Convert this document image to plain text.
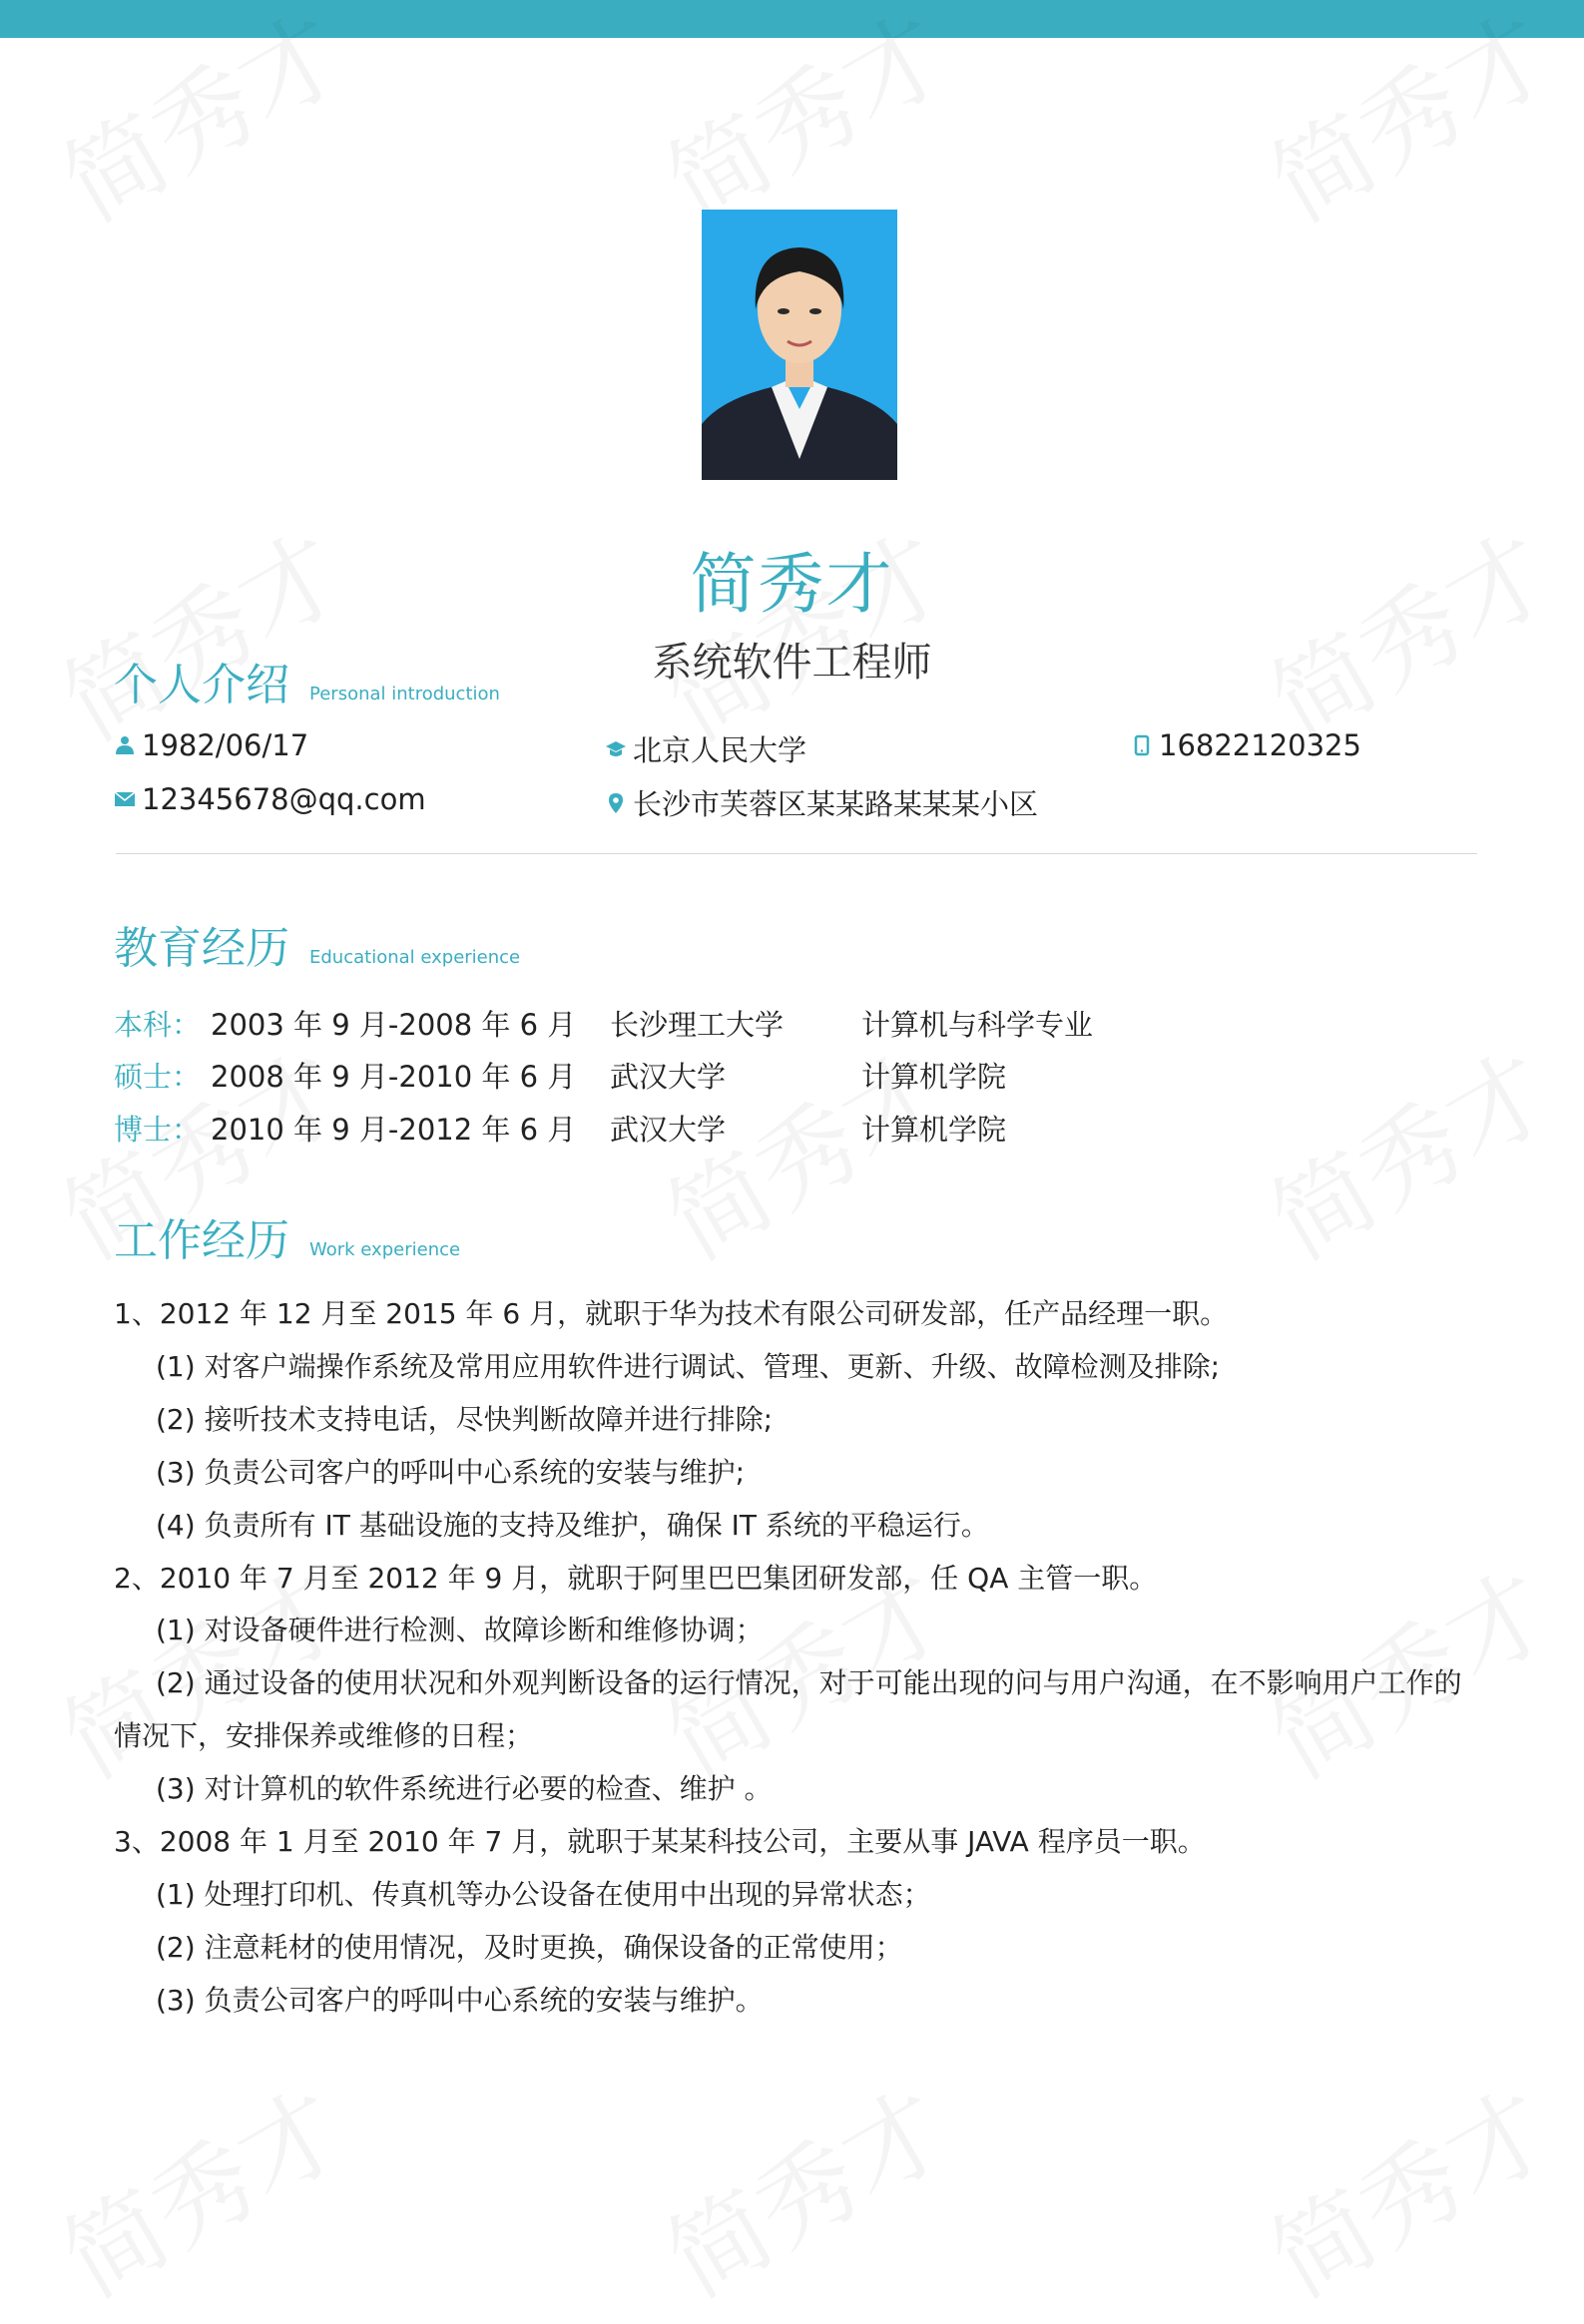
简秀才
系统软件工程师
个人介绍 Personal introduction
1982/06/17	北京人民大学	16822120325
12345678@qq.com	长沙市芙蓉区某某路某某某小区
教育经历 Educational experience
本科： 2003 年 9 月-2008 年 6 月 长沙理工大学	计算机与科学专业
硕士： 2008 年 9 月-2010 年 6 月 武汉大学	计算机学院
博士： 2010 年 9 月-2012 年 6 月 武汉大学	计算机学院
工作经历 Work experience
1、2012 年 12 月至 2015 年 6 月，就职于华为技术有限公司研发部，任产品经理一职。
(1) 对客户端操作系统及常用应用软件进行调试、管理、更新、升级、故障检测及排除;
(2) 接听技术支持电话，尽快判断故障并进行排除;
(3) 负责公司客户的呼叫中心系统的安装与维护;
(4) 负责所有 IT 基础设施的支持及维护，确保 IT 系统的平稳运行。
2、2010 年 7 月至 2012 年 9 月，就职于阿里巴巴集团研发部，任 QA 主管一职。
(1) 对设备硬件进行检测、故障诊断和维修协调；
(2) 通过设备的使用状况和外观判断设备的运行情况，对于可能出现的问与用户沟通，在不影响用户工作的
情况下，安排保养或维修的日程；
(3) 对计算机的软件系统进行必要的检查、维护 。
3、2008 年 1 月至 2010 年 7 月，就职于某某科技公司，主要从事 JAVA 程序员一职。
(1) 处理打印机、传真机等办公设备在使用中出现的异常状态；
(2) 注意耗材的使用情况，及时更换，确保设备的正常使用；
(3) 负责公司客户的呼叫中心系统的安装与维护。
